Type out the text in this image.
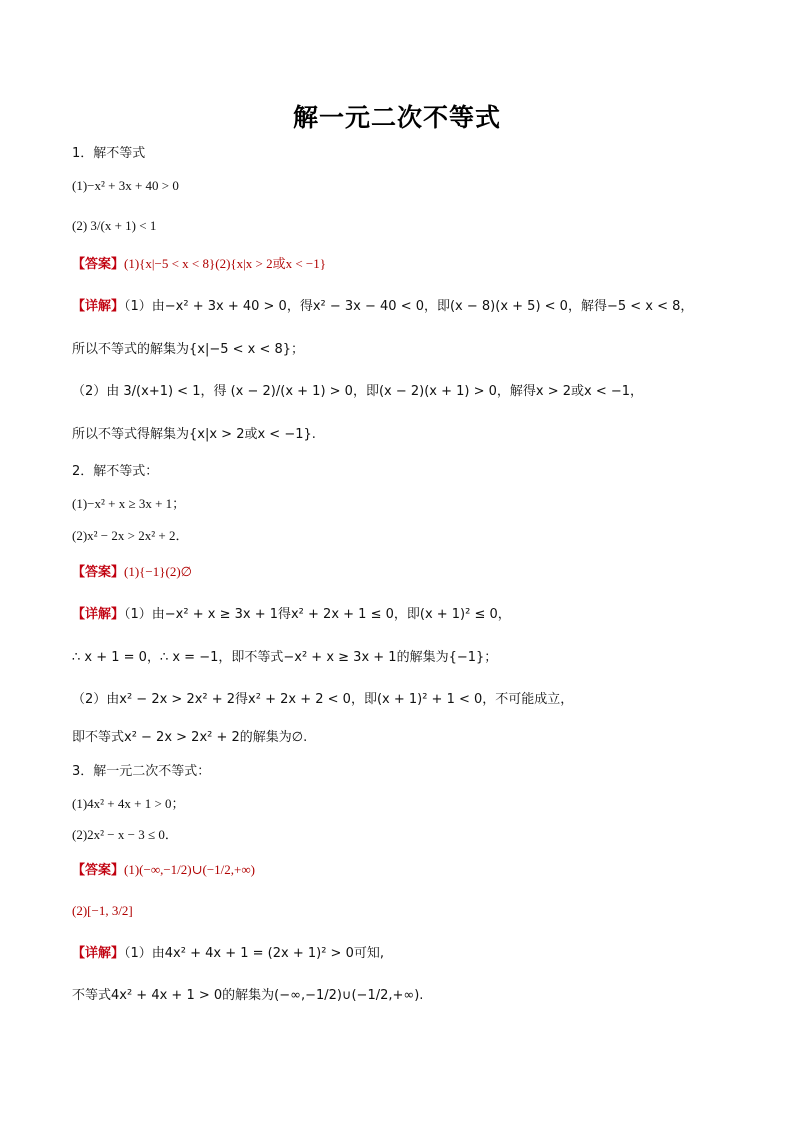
解一元二次不等式
1．解不等式
(1)−x² + 3x + 40 > 0
(2) 3/(x + 1) < 1
【答案】(1){x|−5 < x < 8}(2){x|x > 2或x < −1}
【详解】（1）由−x² + 3x + 40 > 0，得x² − 3x − 40 < 0，即(x − 8)(x + 5) < 0，解得−5 < x < 8，
所以不等式的解集为{x|−5 < x < 8}；
（2）由 3/(x+1) < 1，得 (x − 2)/(x + 1) > 0，即(x − 2)(x + 1) > 0，解得x > 2或x < −1，
所以不等式得解集为{x|x > 2或x < −1}.
2．解不等式：
(1)−x² + x ≥ 3x + 1；
(2)x² − 2x > 2x² + 2．
【答案】(1){−1}(2)∅
【详解】（1）由−x² + x ≥ 3x + 1得x² + 2x + 1 ≤ 0，即(x + 1)² ≤ 0，
∴ x + 1 = 0，∴ x = −1，即不等式−x² + x ≥ 3x + 1的解集为{−1}；
（2）由x² − 2x > 2x² + 2得x² + 2x + 2 < 0，即(x + 1)² + 1 < 0，不可能成立，
即不等式x² − 2x > 2x² + 2的解集为∅.
3．解一元二次不等式：
(1)4x² + 4x + 1 > 0；
(2)2x² − x − 3 ≤ 0．
【答案】(1)(−∞,−1/2)∪(−1/2,+∞)
(2)[−1, 3/2]
【详解】（1）由4x² + 4x + 1 = (2x + 1)² > 0可知,
不等式4x² + 4x + 1 > 0的解集为(−∞,−1/2)∪(−1/2,+∞).
